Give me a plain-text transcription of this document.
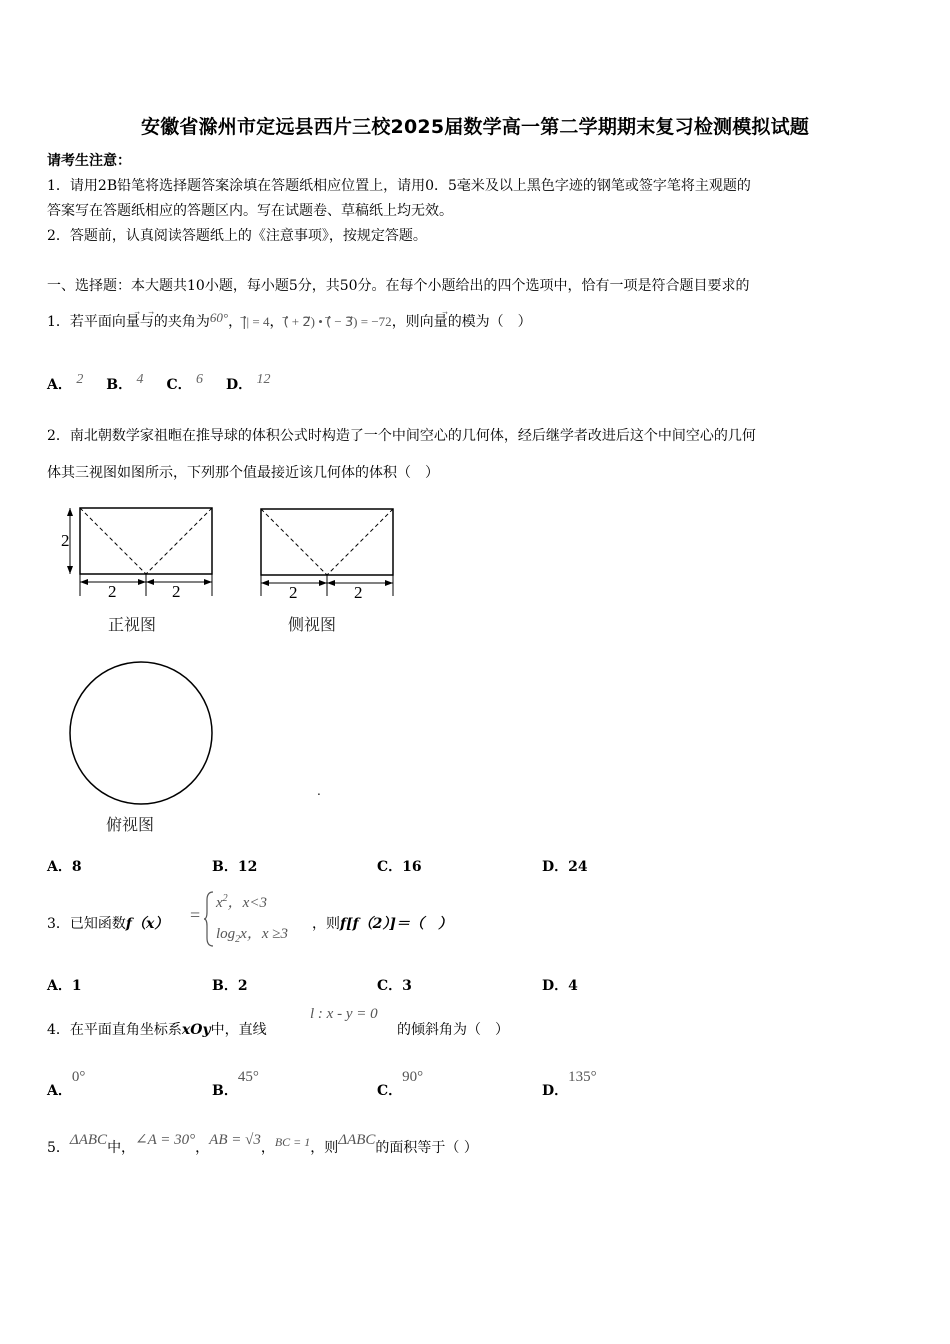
安徽省滁州市定远县西片三校2025届数学高一第二学期期末复习检测模拟试题
请考生注意：
1．请用2B铅笔将选择题答案涂填在答题纸相应位置上，请用0．5毫米及以上黑色字迹的钢笔或签字笔将主观题的
答案写在答题纸相应的答题区内。写在试题卷、草稿纸上均无效。
2．答题前，认真阅读答题纸上的《注意事项》，按规定答题。
一、选择题：本大题共10小题，每小题5分，共50分。在每个小题给出的四个选项中，恰有一项是符合题目要求的
1．若平面向量与的夹角为60°，|⃗| = 4，(⃗ + 2⃗) • (⃗ − 3⃗) = −72，则向量的模为（　）
A． 2 B． 4 C． 6 D． 12
2．南北朝数学家祖暅在推导球的体积公式时构造了一个中间空心的几何体，经后继学者改进后这个中间空心的几何
体其三视图如图所示，下列那个值最接近该几何体的体积（　）
2
2	2
正视图
2	2
侧视图
俯视图
.
A．8	B．12	C．16	D．24
3．已知函数f（x） =
$x^2$，x<3
$\log_2x$，x ≥3
，则f[f（2）]＝（　）
A．1	B．2	C．3	D．4
4．在平面直角坐标系xOy中，直线
l : x - y = 0
的倾斜角为（　）
A．0°
B．45°
C．90°
D．135°
5．ΔABC中，∠A = 30°，AB = √3，BC = 1，则ΔABC的面积等于（ ）
